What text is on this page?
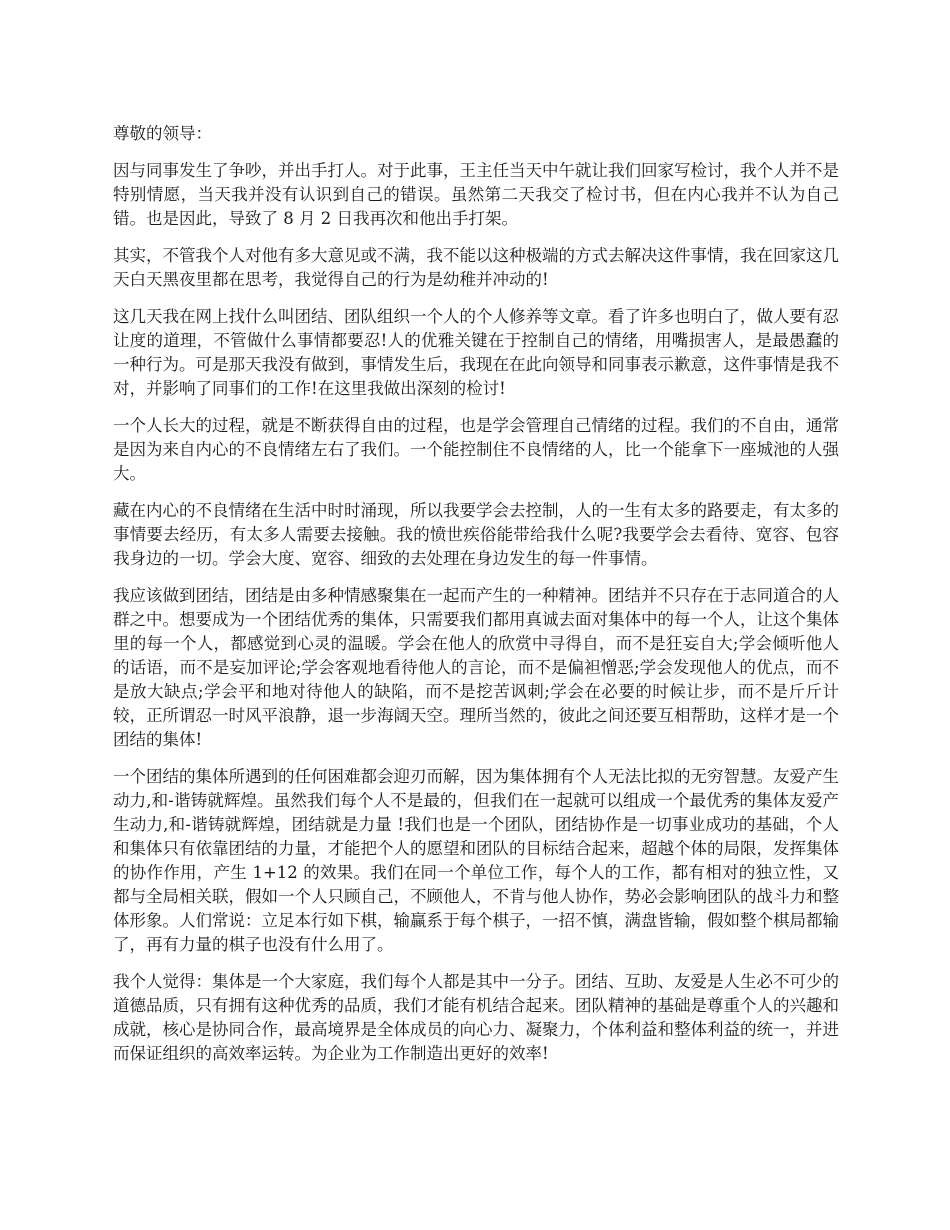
尊敬的领导：

因与同事发生了争吵，并出手打人。对于此事，王主任当天中午就让我们回家写检讨，我个人并不是特别情愿，当天我并没有认识到自己的错误。虽然第二天我交了检讨书，但在内心我并不认为自己错。也是因此，导致了 8 月 2 日我再次和他出手打架。

其实，不管我个人对他有多大意见或不满，我不能以这种极端的方式去解决这件事情，我在回家这几天白天黑夜里都在思考，我觉得自己的行为是幼稚并冲动的!

这几天我在网上找什么叫团结、团队组织一个人的个人修养等文章。看了许多也明白了，做人要有忍让度的道理，不管做什么事情都要忍!人的优雅关键在于控制自己的情绪，用嘴损害人，是最愚蠢的一种行为。可是那天我没有做到，事情发生后，我现在在此向领导和同事表示歉意，这件事情是我不对，并影响了同事们的工作!在这里我做出深刻的检讨!

一个人长大的过程，就是不断获得自由的过程，也是学会管理自己情绪的过程。我们的不自由，通常是因为来自内心的不良情绪左右了我们。一个能控制住不良情绪的人，比一个能拿下一座城池的人强大。

藏在内心的不良情绪在生活中时时涌现，所以我要学会去控制，人的一生有太多的路要走，有太多的事情要去经历，有太多人需要去接触。我的愤世疾俗能带给我什么呢?我要学会去看待、宽容、包容我身边的一切。学会大度、宽容、细致的去处理在身边发生的每一件事情。

我应该做到团结，团结是由多种情感聚集在一起而产生的一种精神。团结并不只存在于志同道合的人群之中。想要成为一个团结优秀的集体，只需要我们都用真诚去面对集体中的每一个人，让这个集体里的每一个人，都感觉到心灵的温暖。学会在他人的欣赏中寻得自，而不是狂妄自大;学会倾听他人的话语，而不是妄加评论;学会客观地看待他人的言论，而不是偏袒憎恶;学会发现他人的优点，而不是放大缺点;学会平和地对待他人的缺陷，而不是挖苦讽刺;学会在必要的时候让步，而不是斤斤计较，正所谓忍一时风平浪静，退一步海阔天空。理所当然的，彼此之间还要互相帮助，这样才是一个团结的集体!

一个团结的集体所遇到的任何困难都会迎刃而解，因为集体拥有个人无法比拟的无穷智慧。友爱产生动力,和-谐铸就辉煌。虽然我们每个人不是最的，但我们在一起就可以组成一个最优秀的集体友爱产生动力,和-谐铸就辉煌，团结就是力量 !我们也是一个团队，团结协作是一切事业成功的基础，个人和集体只有依靠团结的力量，才能把个人的愿望和团队的目标结合起来，超越个体的局限，发挥集体的协作作用，产生 1+12 的效果。我们在同一个单位工作，每个人的工作，都有相对的独立性，又都与全局相关联，假如一个人只顾自己，不顾他人，不肯与他人协作，势必会影响团队的战斗力和整体形象。人们常说：立足本行如下棋，输赢系于每个棋子，一招不慎，满盘皆输，假如整个棋局都输了，再有力量的棋子也没有什么用了。

我个人觉得：集体是一个大家庭，我们每个人都是其中一分子。团结、互助、友爱是人生必不可少的道德品质，只有拥有这种优秀的品质，我们才能有机结合起来。团队精神的基础是尊重个人的兴趣和成就，核心是协同合作，最高境界是全体成员的向心力、凝聚力，个体利益和整体利益的统一，并进而保证组织的高效率运转。为企业为工作制造出更好的效率!
